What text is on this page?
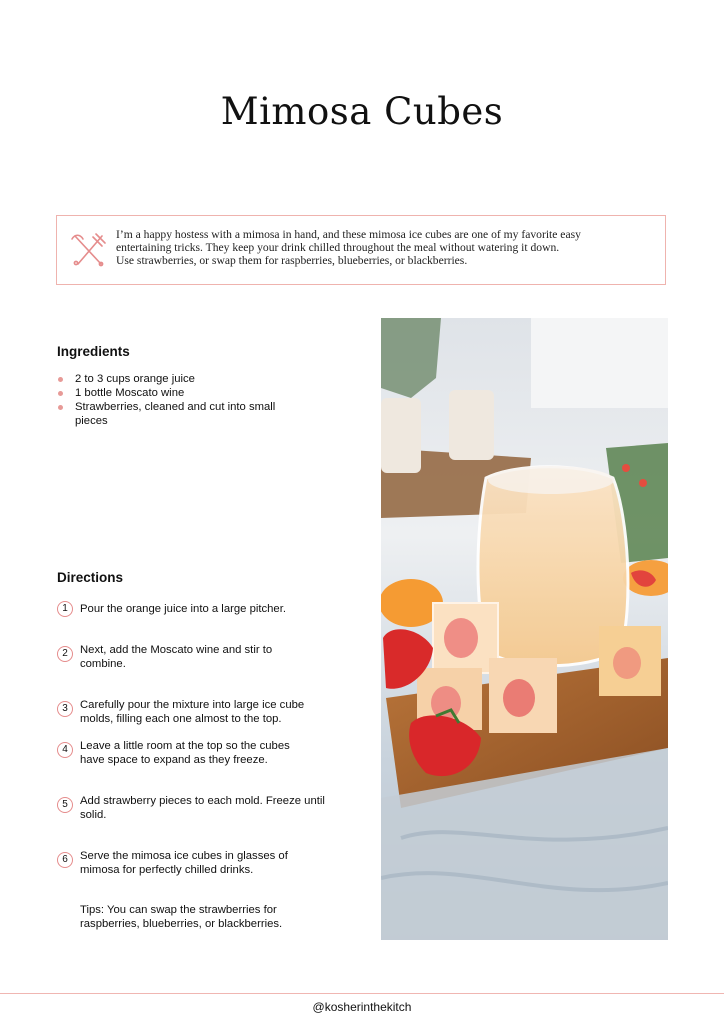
Mimosa Cubes
I’m a happy hostess with a mimosa in hand, and these mimosa ice cubes are one of my favorite easy
entertaining tricks. They keep your drink chilled throughout the meal without watering it down.
Use strawberries, or swap them for raspberries, blueberries, or blackberries.
Ingredients
2 to 3 cups orange juice
1 bottle Moscato wine
Strawberries, cleaned and cut into small pieces
Directions
1	Pour the orange juice into a large pitcher.
2	Next, add the Moscato wine and stir to combine.
3	Carefully pour the mixture into large ice cube molds, filling each one almost to the top.
4	Leave a little room at the top so the cubes have space to expand as they freeze.
5	Add strawberry pieces to each mold. Freeze until solid.
6	Serve the mimosa ice cubes in glasses of mimosa for perfectly chilled drinks.
Tips: You can swap the strawberries for raspberries, blueberries, or blackberries.
@kosherinthekitch
